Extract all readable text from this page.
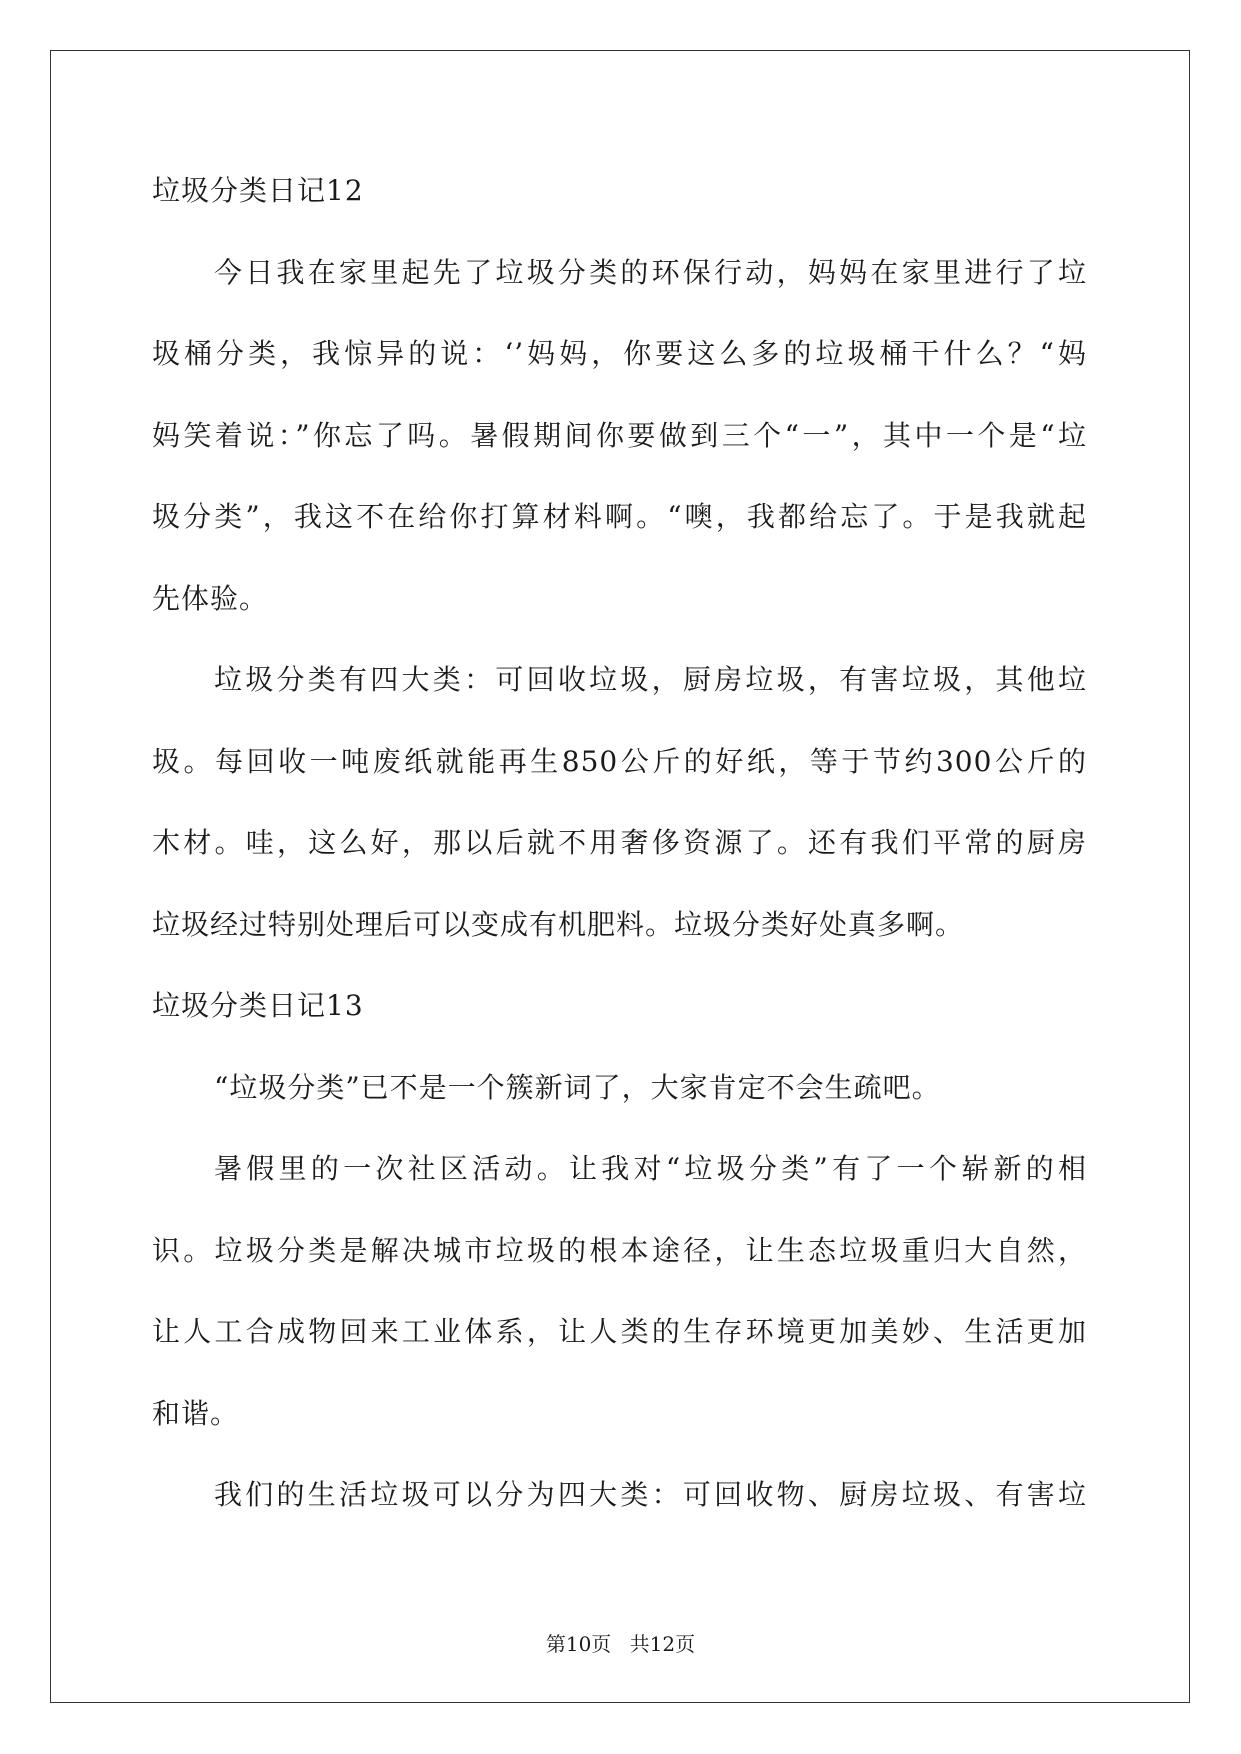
垃圾分类日记12
今日我在家里起先了垃圾分类的环保行动，妈妈在家里进行了垃
圾桶分类，我惊异的说：‘’妈妈，你要这么多的垃圾桶干什么？“妈
妈笑着说：”你忘了吗。暑假期间你要做到三个“一”，其中一个是“垃
圾分类”，我这不在给你打算材料啊。“噢，我都给忘了。于是我就起
先体验。
垃圾分类有四大类：可回收垃圾，厨房垃圾，有害垃圾，其他垃
圾。每回收一吨废纸就能再生850公斤的好纸，等于节约300公斤的
木材。哇，这么好，那以后就不用奢侈资源了。还有我们平常的厨房
垃圾经过特别处理后可以变成有机肥料。垃圾分类好处真多啊。
垃圾分类日记13
“垃圾分类”已不是一个簇新词了，大家肯定不会生疏吧。
暑假里的一次社区活动。让我对“垃圾分类”有了一个崭新的相
识。垃圾分类是解决城市垃圾的根本途径，让生态垃圾重归大自然，
让人工合成物回来工业体系，让人类的生存环境更加美妙、生活更加
和谐。
我们的生活垃圾可以分为四大类：可回收物、厨房垃圾、有害垃
第10页 共12页
